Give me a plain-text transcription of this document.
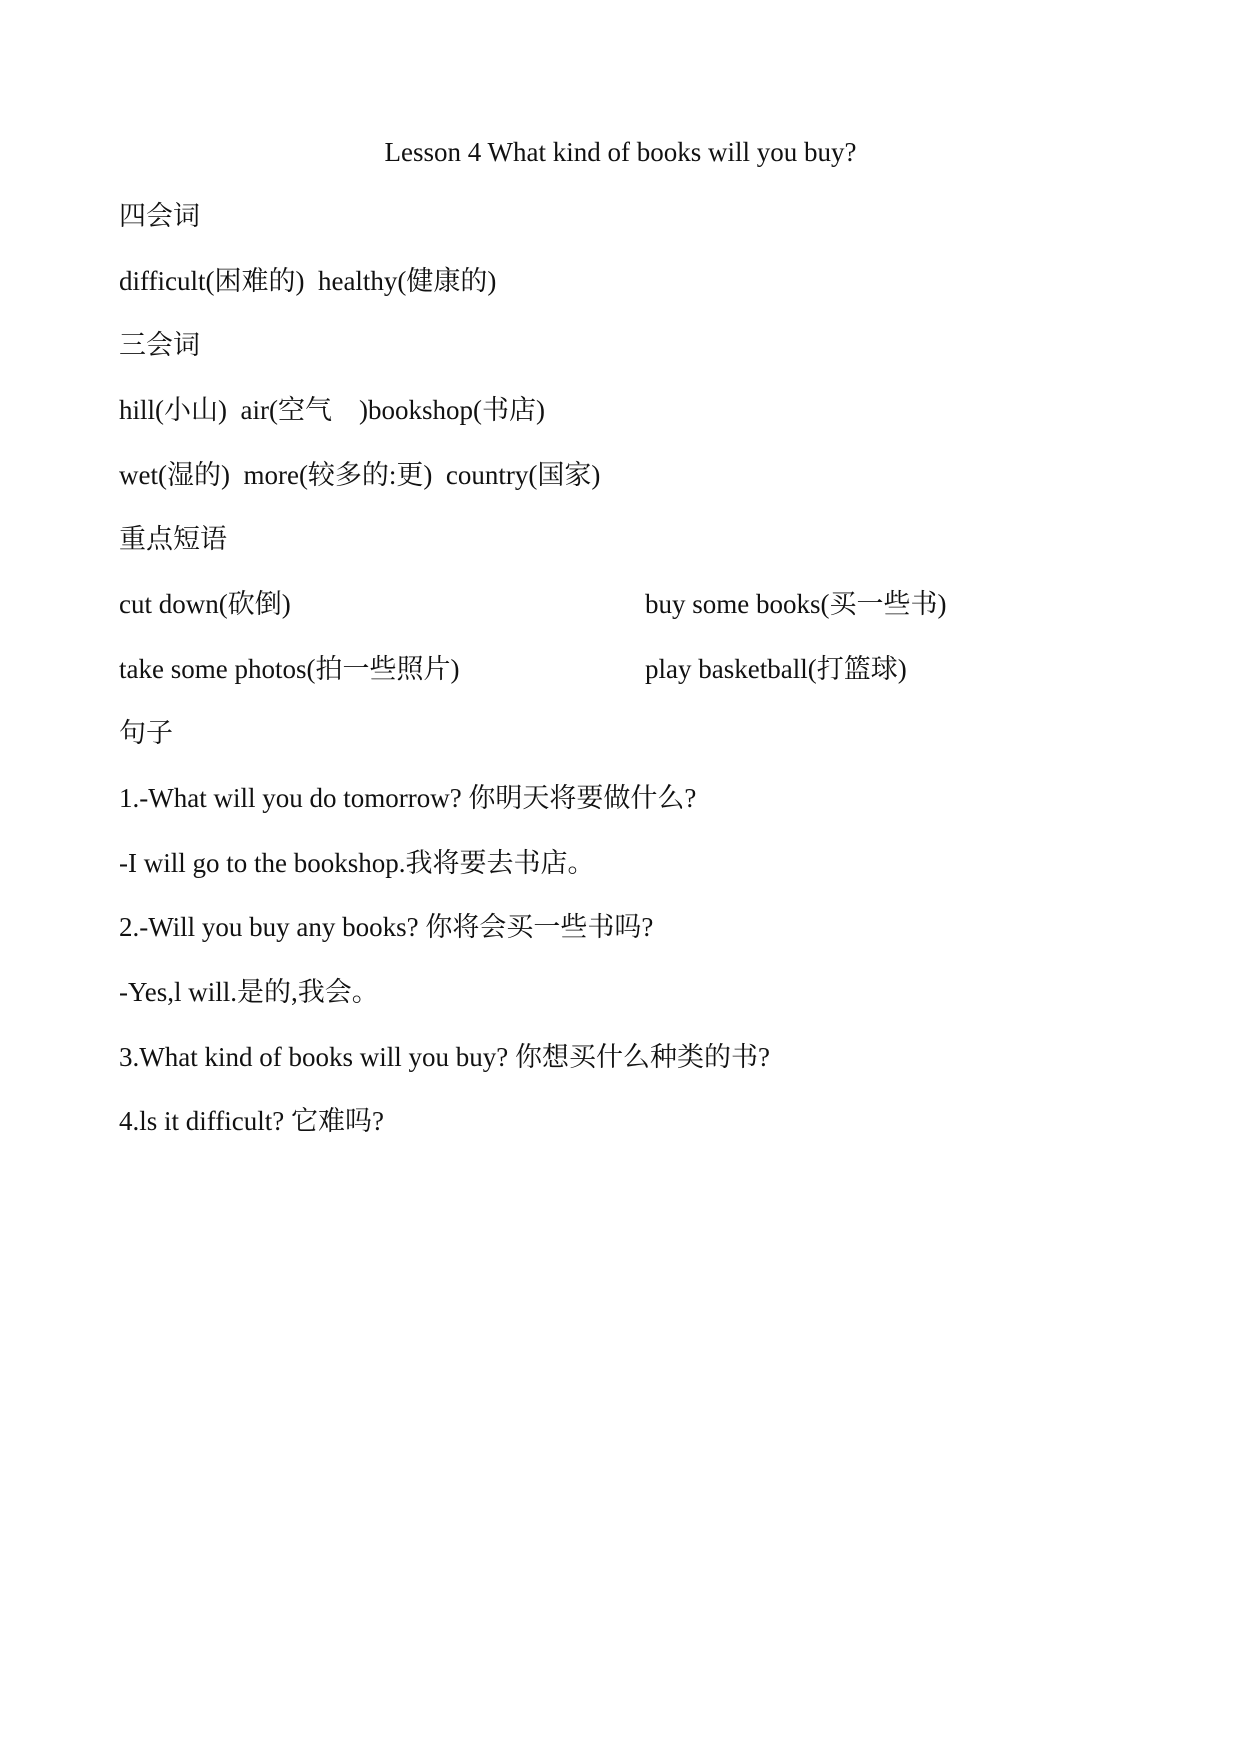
Lesson 4 What kind of books will you buy?
四会词
difficult(困难的)  healthy(健康的)
三会词
hill(小山)  air(空气    )bookshop(书店)
wet(湿的)  more(较多的:更)  country(国家)
重点短语
cut down(砍倒)	buy some books(买一些书)
take some photos(拍一些照片)	play basketball(打篮球)
句子
1.-What will you do tomorrow? 你明天将要做什么?
-I will go to the bookshop.我将要去书店。
2.-Will you buy any books? 你将会买一些书吗?
-Yes,l will.是的,我会。
3.What kind of books will you buy? 你想买什么种类的书?
4.ls it difficult? 它难吗?
